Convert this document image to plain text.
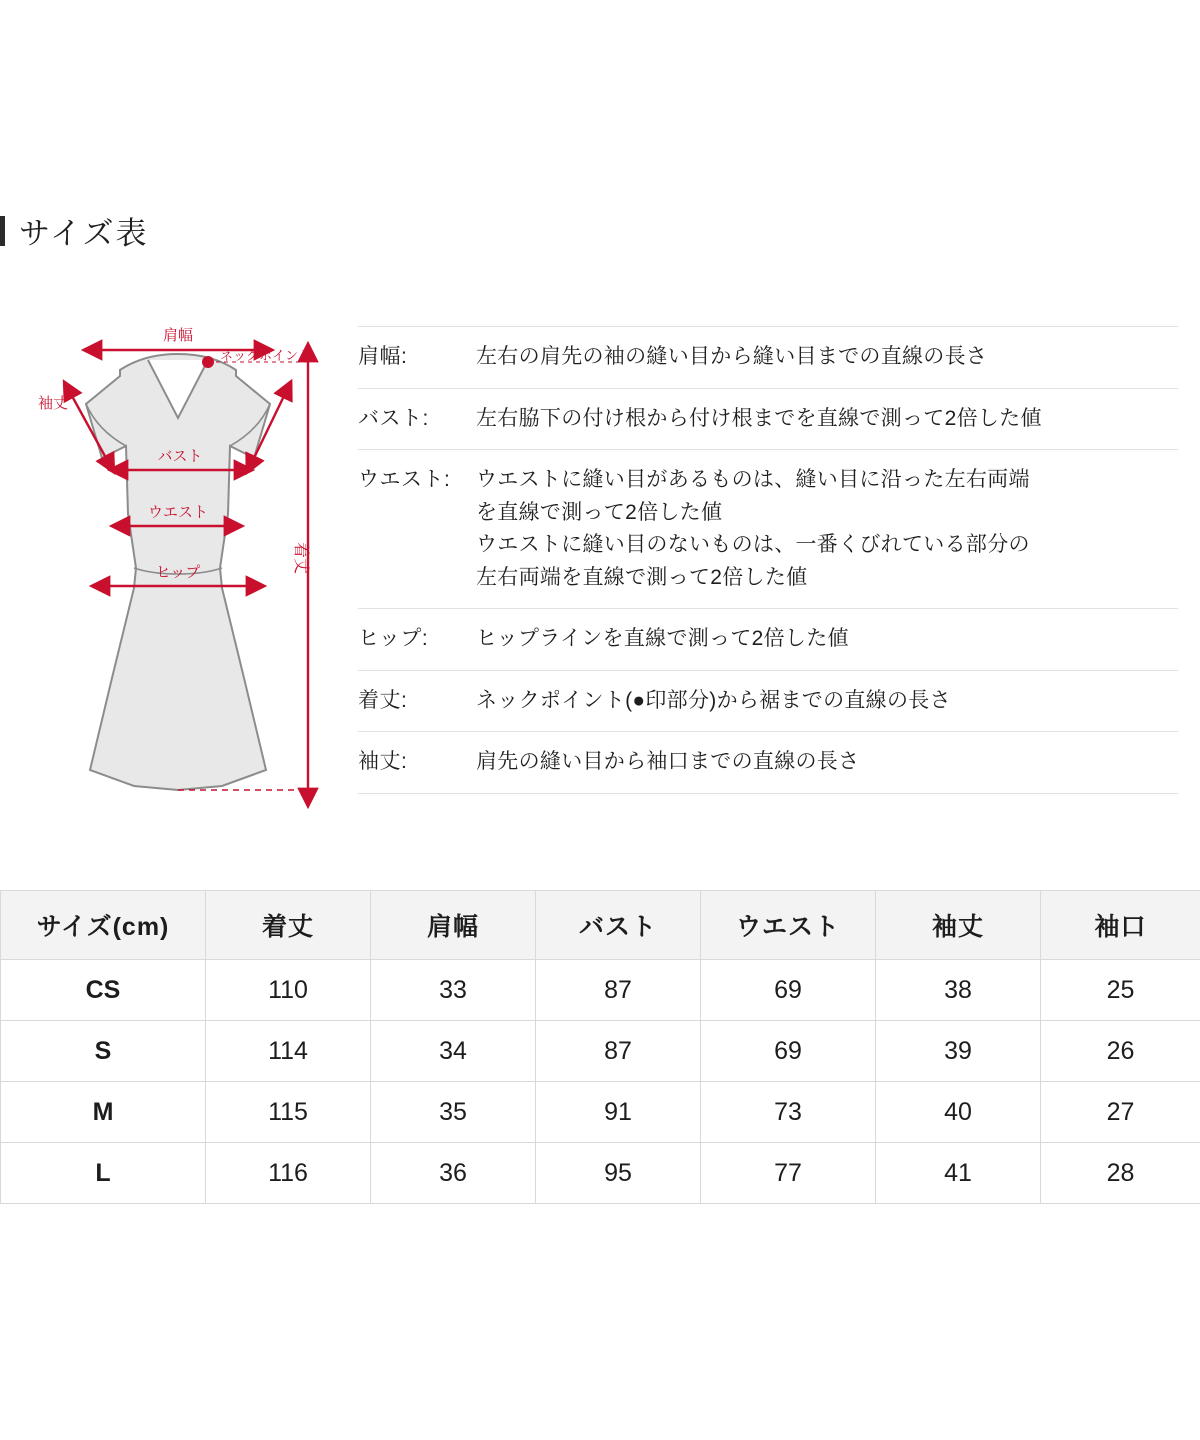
サイズ表
肩幅
ネックポイント
袖丈
バスト
ウエスト
ヒップ	着丈
肩幅:	左右の肩先の袖の縫い目から縫い目までの直線の長さ
バスト:	左右脇下の付け根から付け根までを直線で測って2倍した値
ウエスト:	ウエストに縫い目があるものは、縫い目に沿った左右両端
を直線で測って2倍した値
ウエストに縫い目のないものは、一番くびれている部分の
左右両端を直線で測って2倍した値
ヒップ:	ヒップラインを直線で測って2倍した値
着丈:	ネックポイント(●印部分)から裾までの直線の長さ
袖丈:	肩先の縫い目から袖口までの直線の長さ
サイズ(cm)	着丈	肩幅	バスト	ウエスト	袖丈	袖口
CS	110	33	87	69	38	25
S	114	34	87	69	39	26
M	115	35	91	73	40	27
L	116	36	95	77	41	28
